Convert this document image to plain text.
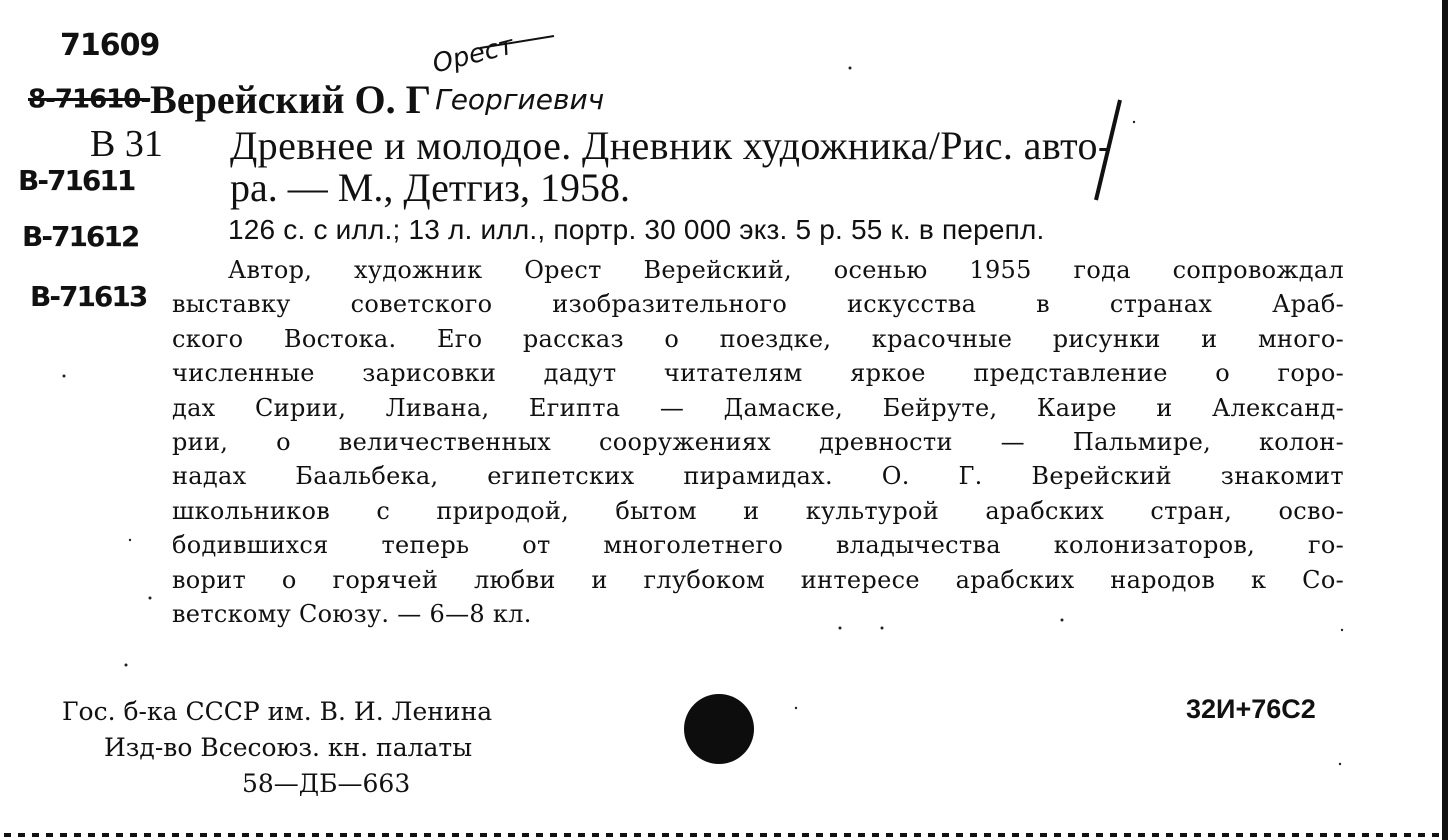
71609	Орест
8-71610-Верейский О. Г Георгиевич
В 31 Древнее и молодое. Дневник художника/Рис. авто-
В-71611
В-71612
В-71613
ра. — М., Детгиз, 1958.
126 с. с илл.; 13 л. илл., портр. 30 000 экз. 5 р. 55 к. в перепл.
Автор, художник Орест Верейский, осенью 1955 года сопровождал
выставку советского изобразительного искусства в странах Араб-
ского Востока. Его рассказ о поездке, красочные рисунки и много-
численные зарисовки дадут читателям яркое представление о горо-
дах Сирии, Ливана, Египта — Дамаске, Бейруте, Каире и Александ-
рии, о величественных сооружениях древности — Пальмире, колон-
надах Баальбека, египетских пирамидах. О. Г. Верейский знакомит
школьников с природой, бытом и культурой арабских стран, осво-
бодившихся теперь от многолетнего владычества колонизаторов, го-
ворит о горячей любви и глубоком интересе арабских народов к Со-
ветскому Союзу. — 6—8 кл.
Гос. б-ка СССР им. В. И. Ленина
Изд-во Всесоюз. кн. палаты
58—ДБ—663
32И+76С2
